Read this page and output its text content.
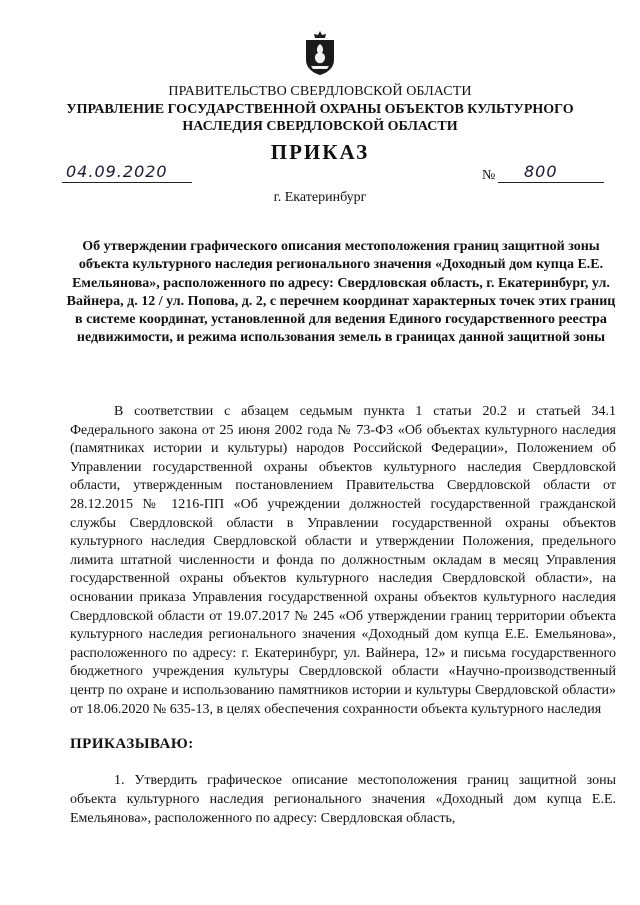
ПРАВИТЕЛЬСТВО СВЕРДЛОВСКОЙ ОБЛАСТИ
УПРАВЛЕНИЕ ГОСУДАРСТВЕННОЙ ОХРАНЫ ОБЪЕКТОВ КУЛЬТУРНОГО НАСЛЕДИЯ СВЕРДЛОВСКОЙ ОБЛАСТИ
ПРИКАЗ
04.09.2020	№ 800
г. Екатеринбург
Об утверждении графического описания местоположения границ защитной зоны объекта культурного наследия регионального значения «Доходный дом купца Е.Е. Емельянова», расположенного по адресу: Свердловская область, г. Екатеринбург, ул. Вайнера, д. 12 / ул. Попова, д. 2, с перечнем координат характерных точек этих границ в системе координат, установленной для ведения Единого государственного реестра недвижимости, и режима использования земель в границах данной защитной зоны

В соответствии с абзацем седьмым пункта 1 статьи 20.2 и статьей 34.1 Федерального закона от 25 июня 2002 года № 73-ФЗ «Об объектах культурного наследия (памятниках истории и культуры) народов Российской Федерации», Положением об Управлении государственной охраны объектов культурного наследия Свердловской области, утвержденным постановлением Правительства Свердловской области от 28.12.2015 № 1216-ПП «Об учреждении должностей государственной гражданской службы Свердловской области в Управлении государственной охраны объектов культурного наследия Свердловской области и утверждении Положения, предельного лимита штатной численности и фонда по должностным окладам в месяц Управления государственной охраны объектов культурного наследия Свердловской области», на основании приказа Управления государственной охраны объектов культурного наследия Свердловской области от 19.07.2017 № 245 «Об утверждении границ территории объекта культурного наследия регионального значения «Доходный дом купца Е.Е. Емельянова», расположенного по адресу: г. Екатеринбург, ул. Вайнера, 12» и письма государственного бюджетного учреждения культуры Свердловской области «Научно-производственный центр по охране и использованию памятников истории и культуры Свердловской области» от 18.06.2020 № 635-13, в целях обеспечения сохранности объекта культурного наследия

ПРИКАЗЫВАЮ:

1. Утвердить графическое описание местоположения границ защитной зоны объекта культурного наследия регионального значения «Доходный дом купца Е.Е. Емельянова», расположенного по адресу: Свердловская область,
